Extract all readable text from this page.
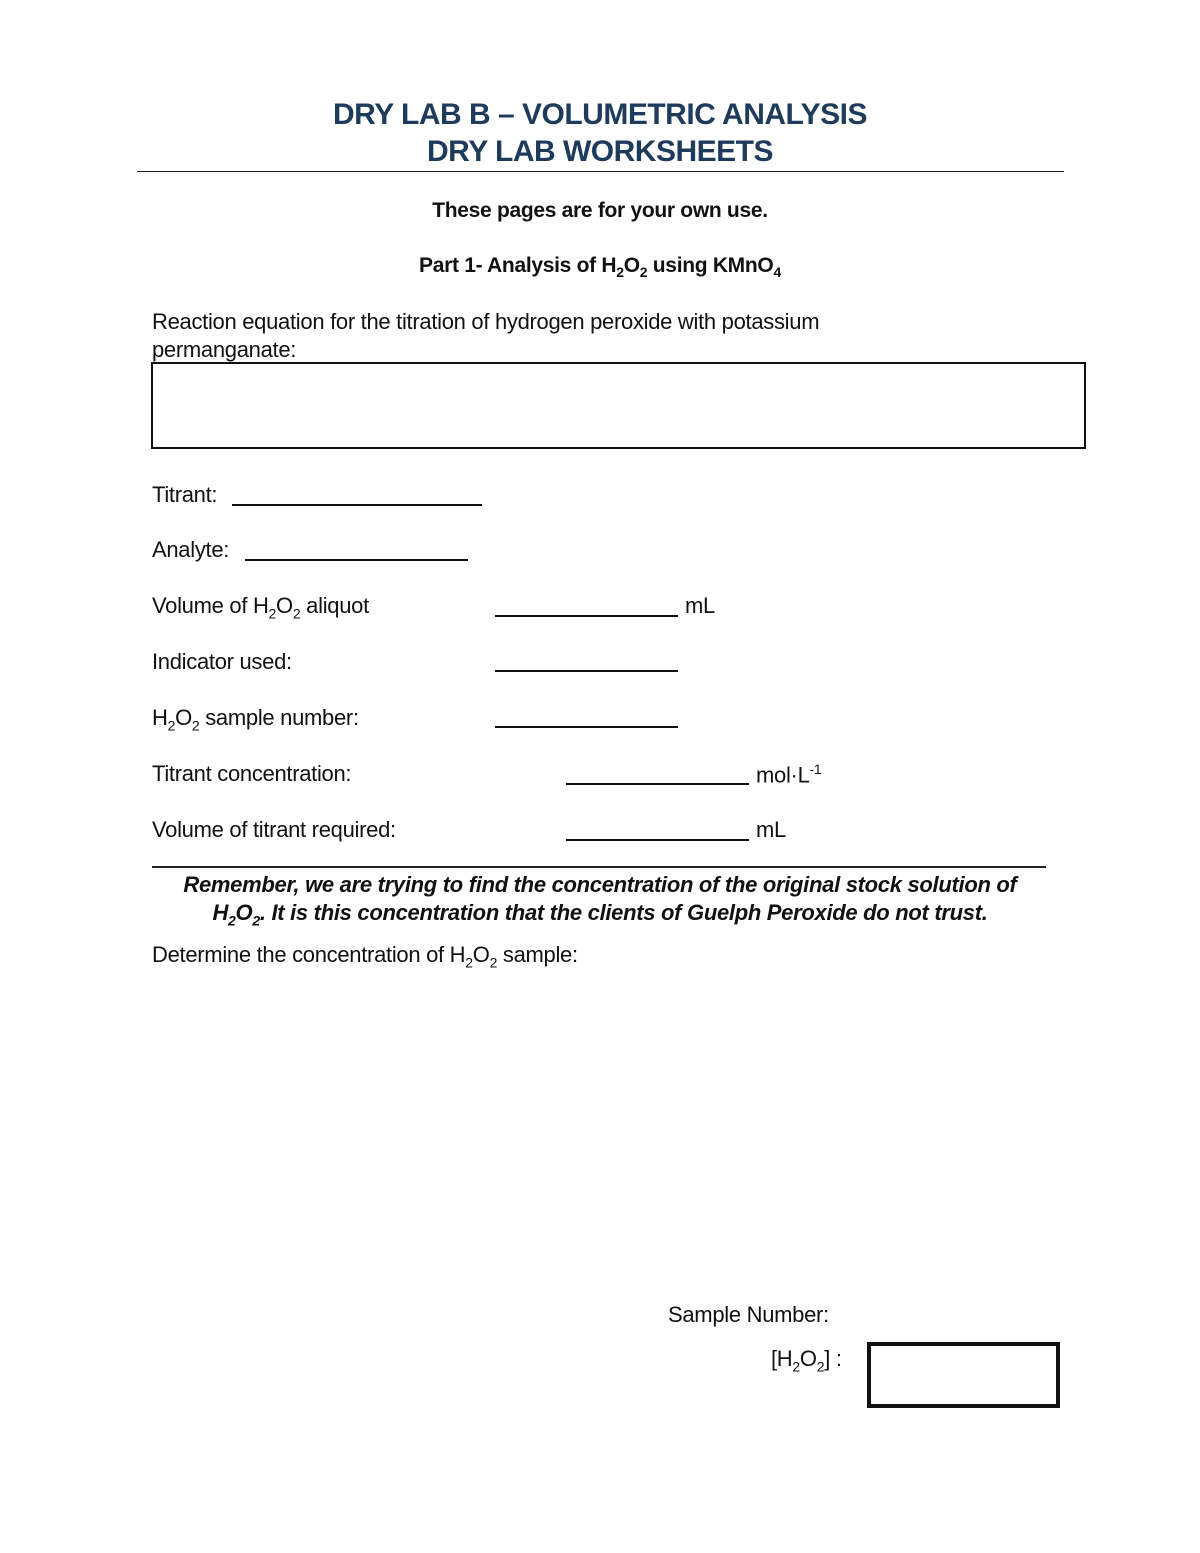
DRY LAB B – VOLUMETRIC ANALYSIS
DRY LAB WORKSHEETS
These pages are for your own use.
Part 1- Analysis of $H_2O_2$ using KMnO$_4$
Reaction equation for the titration of hydrogen peroxide with potassium
permanganate:
Titrant:
Analyte:
Volume of $H_2O_2$ aliquot	mL
Indicator used:
$H_2O_2$ sample number:
Titrant concentration:	$mol\cdot L^{-1}$
Volume of titrant required:	mL
Remember, we are trying to find the concentration of the original stock solution of
$H_2O_2$. It is this concentration that the clients of Guelph Peroxide do not trust.
Determine the concentration of $H_2O_2$ sample:
Sample Number:
$[H_2O_2]$ :
